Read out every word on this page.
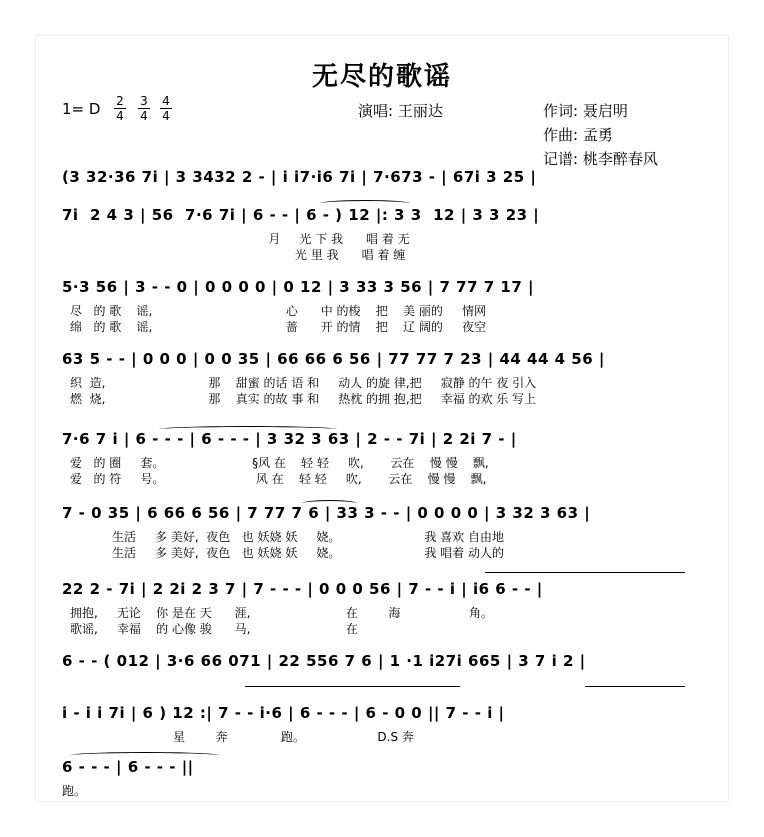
无尽的歌谣
1= D 2
4
3
4
4
4	演唱: 王丽达	作词: 聂启明
作曲: 孟勇
记谱: 桃李醉春风
(3 32·36 7i | 3 3432 2 - | i i7·i6 7i | 7·673 - | 67i 3 25 |
7i  2 4 3 | 56  7·6 7i | 6 - - | 6 - ) 12 |: 3 3  12 | 3 3 23 |
月     光 下 我      唱 着 无
光 里 我      唱 着 缠
5·3 56 | 3 - - 0 | 0 0 0 0 | 0 12 | 3 33 3 56 | 7 77 7 17 |
尽   的 歌    谣,                                   心      中 的梭    把    美 丽的     情网
绵   的 歌    谣,                                   蔷      开 的情    把    辽 阔的     夜空
63 5 - - | 0 0 0 | 0 0 35 | 66 66 6 56 | 77 77 7 23 | 44 44 4 56 |
织  造,                           那    甜蜜 的话 语 和     动人 的旋 律,把     寂静 的午 夜 引入
燃  烧,                           那    真实 的故 事 和     热枕 的拥 抱,把     幸福 的欢 乐 写上
7·6 7 i | 6 - - - | 6 - - - | 3 32 3 63 | 2 - - 7i | 2 2i 7 - |
爱   的 圈     套。                       §风 在    轻 轻     吹,       云在    慢 慢    飘,
爱   的 符     号。                        风 在    轻 轻     吹,       云在    慢 慢    飘,
7 - 0 35 | 6 66 6 56 | 7 77 7 6 | 33 3 - - | 0 0 0 0 | 3 32 3 63 |
生活     多 美好,  夜色   也 妖娆 妖     娆。                      我 喜欢 自由地
生活     多 美好,  夜色   也 妖娆 妖     娆。                      我 唱着 动人的
22 2 - 7i | 2 2i 2 3 7 | 7 - - - | 0 0 0 56 | 7 - - i | i6 6 - - |
拥抱,     无论    你 是在 天      涯,                         在        海                  角。
歌谣,     幸福    的 心像 骏      马,                         在
6 - - ( 012 | 3·6 66 071 | 22 556 7 6 | 1 ·1 i27i 665 | 3 7 i 2 |
i - i i 7i | 6 ) 12 :| 7 - - i·6 | 6 - - - | 6 - 0 0 || 7 - - i |
星        奔              跑。                   D.S 奔
6 - - - | 6 - - - ||
跑。
